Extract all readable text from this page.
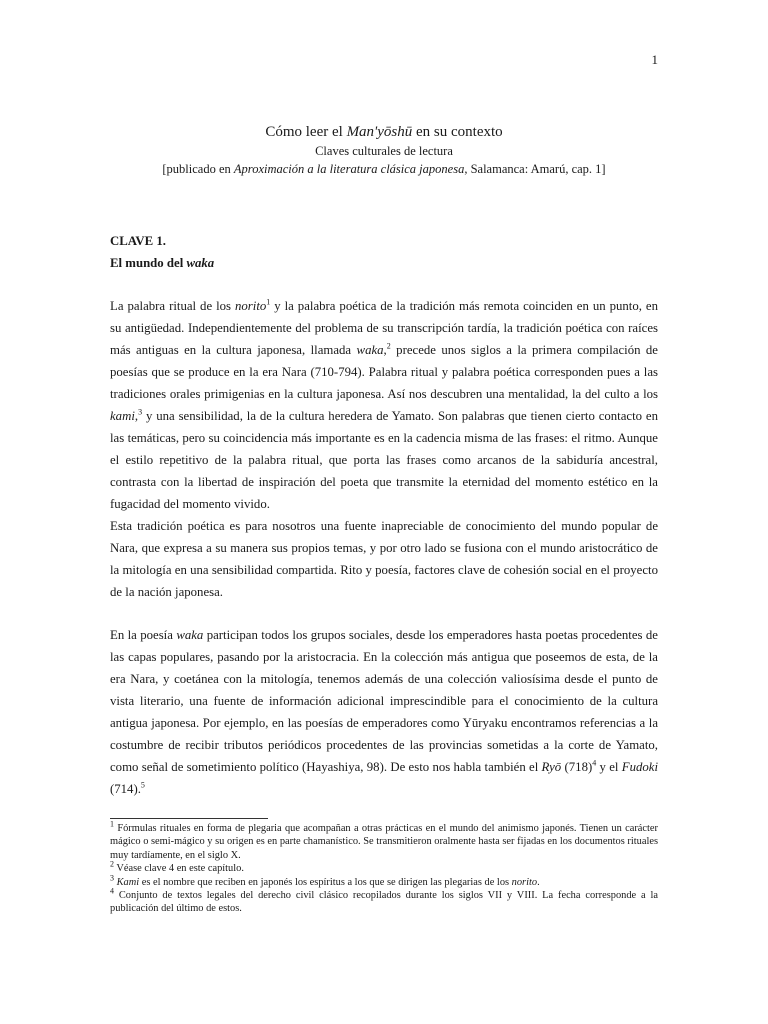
1

Cómo leer el Man'yōshū en su contexto

Claves culturales de lectura

[publicado en Aproximación a la literatura clásica japonesa, Salamanca: Amarú, cap. 1]

CLAVE 1.
El mundo del waka

La palabra ritual de los norito$^1$ y la palabra poética de la tradición más remota coinciden en un punto, en su antigüedad. Independientemente del problema de su transcripción tardía, la tradición poética con raíces más antiguas en la cultura japonesa, llamada waka,$^2$ precede unos siglos a la primera compilación de poesías que se produce en la era Nara (710-794). Palabra ritual y palabra poética corresponden pues a las tradiciones orales primigenias en la cultura japonesa. Así nos descubren una mentalidad, la del culto a los kami,$^3$ y una sensibilidad, la de la cultura heredera de Yamato. Son palabras que tienen cierto contacto en las temáticas, pero su coincidencia más importante es en la cadencia misma de las frases: el ritmo. Aunque el estilo repetitivo de la palabra ritual, que porta las frases como arcanos de la sabiduría ancestral, contrasta con la libertad de inspiración del poeta que transmite la eternidad del momento estético en la fugacidad del momento vivido.

Esta tradición poética es para nosotros una fuente inapreciable de conocimiento del mundo popular de Nara, que expresa a su manera sus propios temas, y por otro lado se fusiona con el mundo aristocrático de la mitología en una sensibilidad compartida. Rito y poesía, factores clave de cohesión social en el proyecto de la nación japonesa.

En la poesía waka participan todos los grupos sociales, desde los emperadores hasta poetas procedentes de las capas populares, pasando por la aristocracia. En la colección más antigua que poseemos de esta, de la era Nara, y coetánea con la mitología, tenemos además de una colección valiosísima desde el punto de vista literario, una fuente de información adicional imprescindible para el conocimiento de la cultura antigua japonesa. Por ejemplo, en las poesías de emperadores como Yūryaku encontramos referencias a la costumbre de recibir tributos periódicos procedentes de las provincias sometidas a la corte de Yamato, como señal de sometimiento político (Hayashiya, 98). De esto nos habla también el Ryō $(718)^4$ y el Fudoki (714).$^5$

$^1$ Fórmulas rituales en forma de plegaria que acompañan a otras prácticas en el mundo del animismo japonés. Tienen un carácter mágico o semi-mágico y su origen es en parte chamanístico. Se transmitieron oralmente hasta ser fijadas en los documentos rituales muy tardíamente, en el siglo X.

$^2$ Véase clave 4 en este capítulo.

$^3$ Kami es el nombre que reciben en japonés los espíritus a los que se dirigen las plegarias de los norito.

$^4$ Conjunto de textos legales del derecho civil clásico recopilados durante los siglos VII y VIII. La fecha corresponde a la publicación del último de estos.
